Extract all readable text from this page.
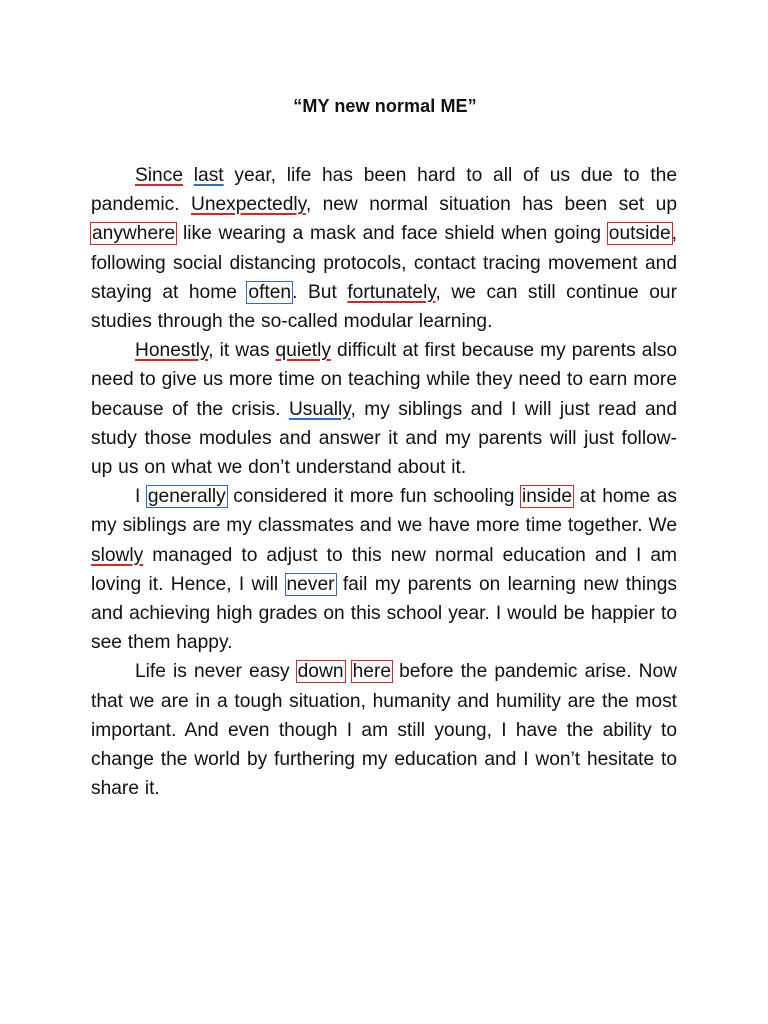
“MY new normal ME”

Since last year, life has been hard to all of us due to the pandemic. Unexpectedly, new normal situation has been set up anywhere like wearing a mask and face shield when going outside, following social distancing protocols, contact tracing movement and staying at home often. But fortunately, we can still continue our studies through the so-called modular learning.

Honestly, it was quietly difficult at first because my parents also need to give us more time on teaching while they need to earn more because of the crisis. Usually, my siblings and I will just read and study those modules and answer it and my parents will just follow-up us on what we don’t understand about it.

I generally considered it more fun schooling inside at home as my siblings are my classmates and we have more time together. We slowly managed to adjust to this new normal education and I am loving it. Hence, I will never fail my parents on learning new things and achieving high grades on this school year. I would be happier to see them happy.

Life is never easy down here before the pandemic arise. Now that we are in a tough situation, humanity and humility are the most important. And even though I am still young, I have the ability to change the world by furthering my education and I won’t hesitate to share it.
